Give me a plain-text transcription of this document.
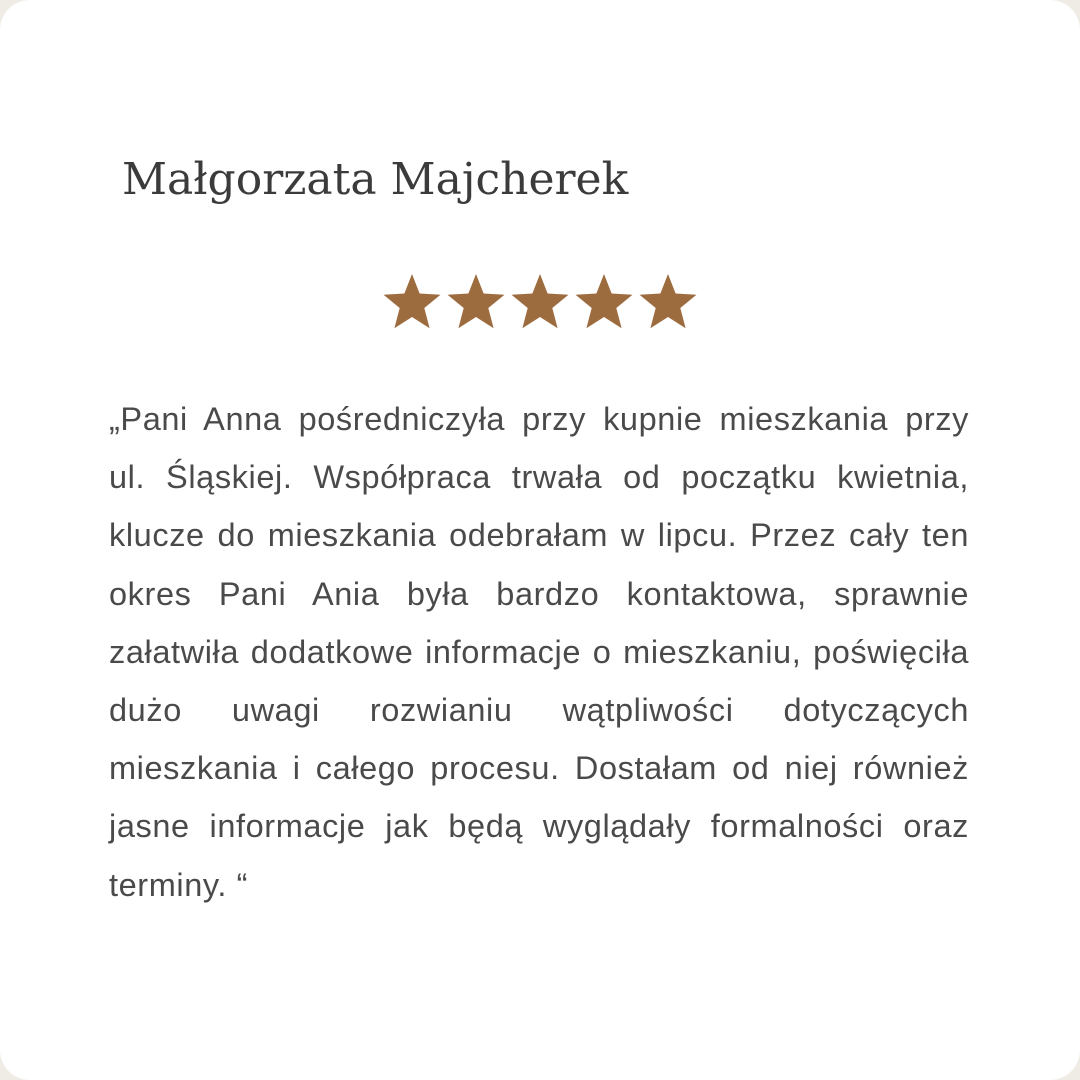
Małgorzata Majcherek

„Pani Anna pośredniczyła przy kupnie mieszkania przy ul. Śląskiej. Współpraca trwała od początku kwietnia, klucze do mieszkania odebrałam w lipcu. Przez cały ten okres Pani Ania była bardzo kontaktowa, sprawnie załatwiła dodatkowe informacje o mieszkaniu, poświęciła dużo uwagi rozwianiu wątpliwości dotyczących mieszkania i całego procesu. Dostałam od niej również jasne informacje jak będą wyglądały formalności oraz terminy. “
